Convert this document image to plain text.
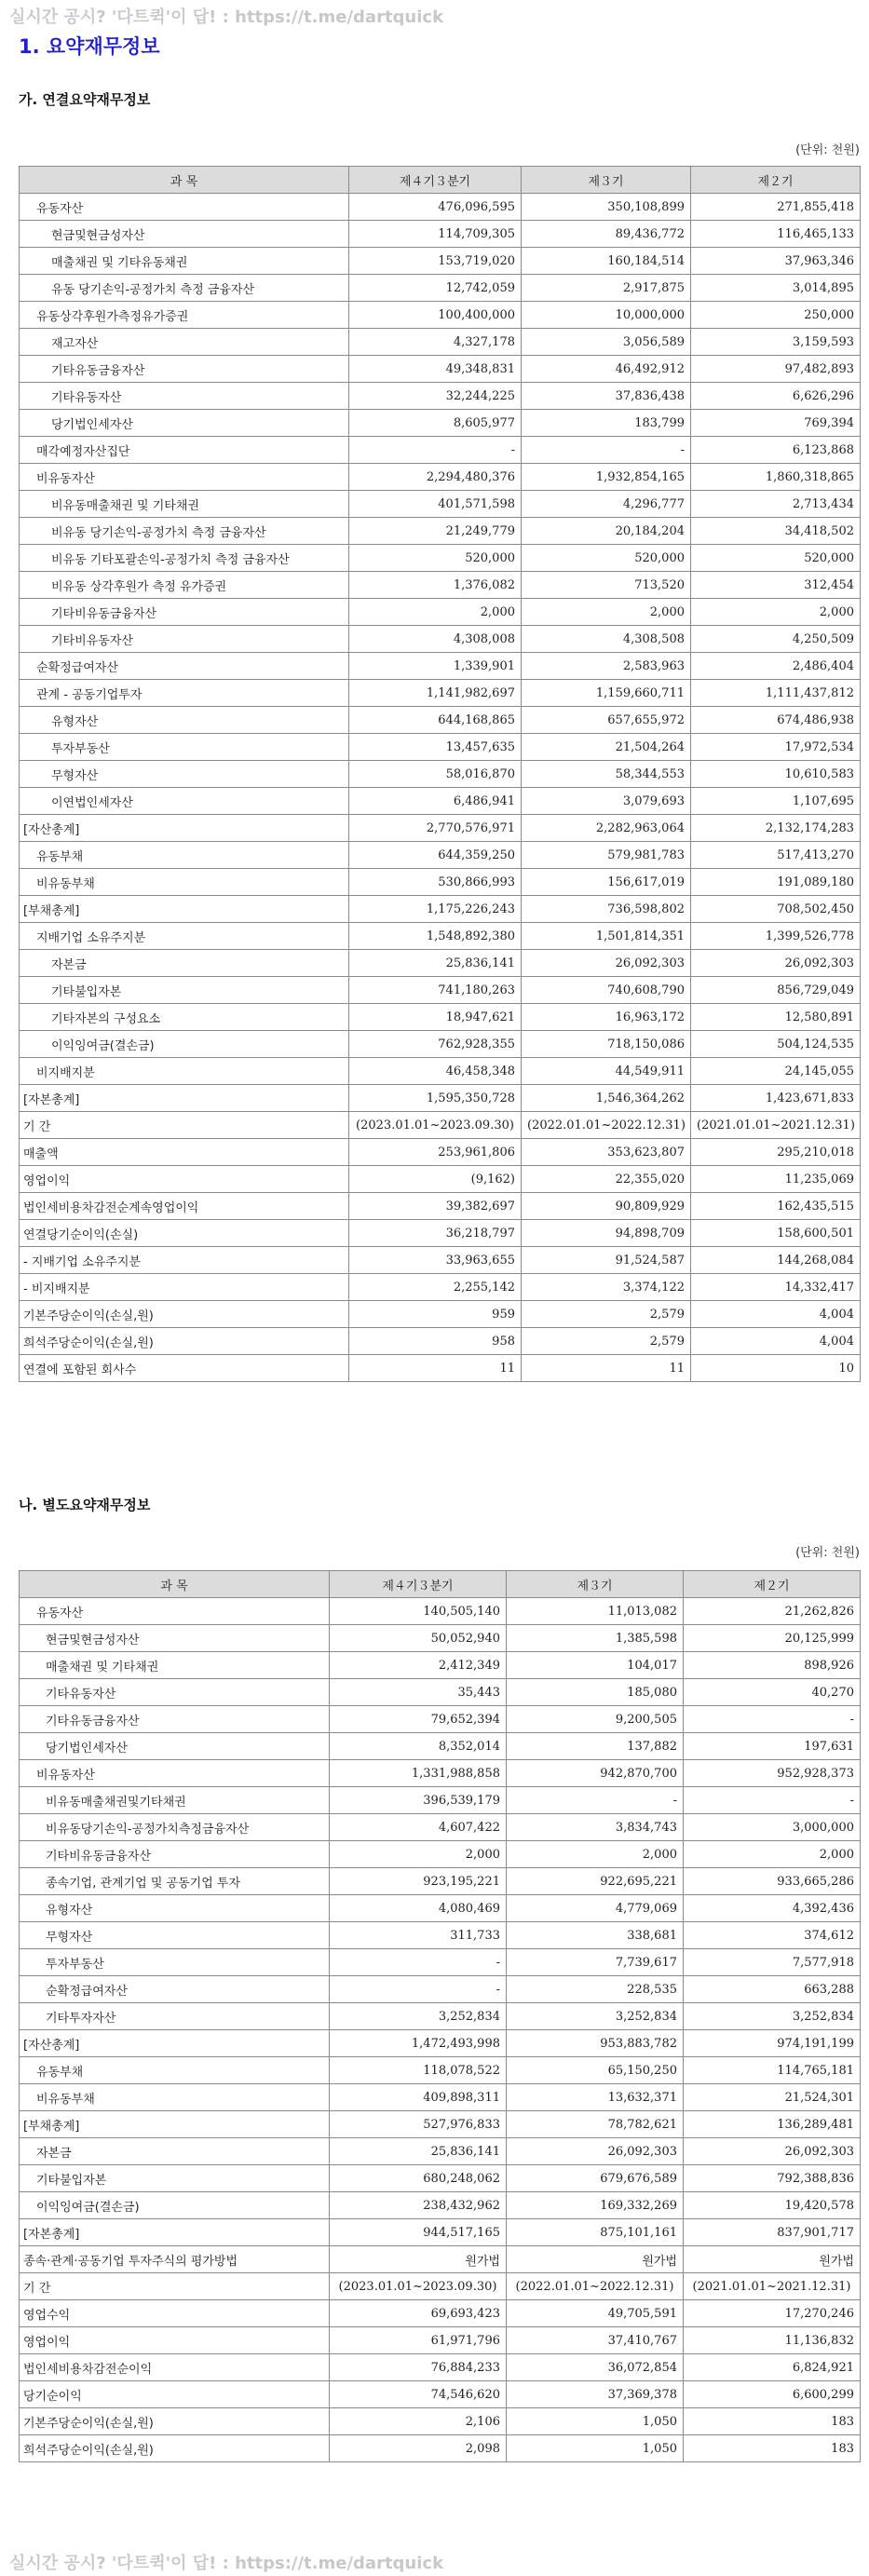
실시간 공시? '다트퀵'이 답! : https://t.me/dartquick
1. 요약재무정보
가. 연결요약재무정보
(단위: 천원)
과 목	제４기３분기	제３기	제２기
유동자산	476,096,595	350,108,899	271,855,418
현금및현금성자산	114,709,305	89,436,772	116,465,133
매출채권 및 기타유동채권	153,719,020	160,184,514	37,963,346
유동 당기손익-공정가치 측정 금융자산	12,742,059	2,917,875	3,014,895
유동상각후원가측정유가증권	100,400,000	10,000,000	250,000
재고자산	4,327,178	3,056,589	3,159,593
기타유동금융자산	49,348,831	46,492,912	97,482,893
기타유동자산	32,244,225	37,836,438	6,626,296
당기법인세자산	8,605,977	183,799	769,394
매각예정자산집단	-	-	6,123,868
비유동자산	2,294,480,376	1,932,854,165	1,860,318,865
비유동매출채권 및 기타채권	401,571,598	4,296,777	2,713,434
비유동 당기손익-공정가치 측정 금융자산	21,249,779	20,184,204	34,418,502
비유동 기타포괄손익-공정가치 측정 금융자산	520,000	520,000	520,000
비유동 상각후원가 측정 유가증권	1,376,082	713,520	312,454
기타비유동금융자산	2,000	2,000	2,000
기타비유동자산	4,308,008	4,308,508	4,250,509
순확정급여자산	1,339,901	2,583,963	2,486,404
관계 - 공동기업투자	1,141,982,697	1,159,660,711	1,111,437,812
유형자산	644,168,865	657,655,972	674,486,938
투자부동산	13,457,635	21,504,264	17,972,534
무형자산	58,016,870	58,344,553	10,610,583
이연법인세자산	6,486,941	3,079,693	1,107,695
[자산총계]	2,770,576,971	2,282,963,064	2,132,174,283
유동부채	644,359,250	579,981,783	517,413,270
비유동부채	530,866,993	156,617,019	191,089,180
[부채총계]	1,175,226,243	736,598,802	708,502,450
지배기업 소유주지분	1,548,892,380	1,501,814,351	1,399,526,778
자본금	25,836,141	26,092,303	26,092,303
기타불입자본	741,180,263	740,608,790	856,729,049
기타자본의 구성요소	18,947,621	16,963,172	12,580,891
이익잉여금(결손금)	762,928,355	718,150,086	504,124,535
비지배지분	46,458,348	44,549,911	24,145,055
[자본총계]	1,595,350,728	1,546,364,262	1,423,671,833
기 간	(2023.01.01~2023.09.30)	(2022.01.01~2022.12.31)	(2021.01.01~2021.12.31)
매출액	253,961,806	353,623,807	295,210,018
영업이익	(9,162)	22,355,020	11,235,069
법인세비용차감전순계속영업이익	39,382,697	90,809,929	162,435,515
연결당기순이익(손실)	36,218,797	94,898,709	158,600,501
- 지배기업 소유주지분	33,963,655	91,524,587	144,268,084
- 비지배지분	2,255,142	3,374,122	14,332,417
기본주당순이익(손실,원)	959	2,579	4,004
희석주당순이익(손실,원)	958	2,579	4,004
연결에 포함된 회사수	11	11	10
나. 별도요약재무정보
(단위: 천원)
과 목	제４기３분기	제３기	제２기
유동자산	140,505,140	11,013,082	21,262,826
현금및현금성자산	50,052,940	1,385,598	20,125,999
매출채권 및 기타채권	2,412,349	104,017	898,926
기타유동자산	35,443	185,080	40,270
기타유동금융자산	79,652,394	9,200,505	-
당기법인세자산	8,352,014	137,882	197,631
비유동자산	1,331,988,858	942,870,700	952,928,373
비유동매출채권및기타채권	396,539,179	-	-
비유동당기손익-공정가치측정금융자산	4,607,422	3,834,743	3,000,000
기타비유동금융자산	2,000	2,000	2,000
종속기업, 관계기업 및 공동기업 투자	923,195,221	922,695,221	933,665,286
유형자산	4,080,469	4,779,069	4,392,436
무형자산	311,733	338,681	374,612
투자부동산	-	7,739,617	7,577,918
순확정급여자산	-	228,535	663,288
기타투자자산	3,252,834	3,252,834	3,252,834
[자산총계]	1,472,493,998	953,883,782	974,191,199
유동부채	118,078,522	65,150,250	114,765,181
비유동부채	409,898,311	13,632,371	21,524,301
[부채총계]	527,976,833	78,782,621	136,289,481
자본금	25,836,141	26,092,303	26,092,303
기타불입자본	680,248,062	679,676,589	792,388,836
이익잉여금(결손금)	238,432,962	169,332,269	19,420,578
[자본총계]	944,517,165	875,101,161	837,901,717
종속·관계·공동기업 투자주식의 평가방법	원가법	원가법	원가법
기 간	(2023.01.01~2023.09.30)	(2022.01.01~2022.12.31)	(2021.01.01~2021.12.31)
영업수익	69,693,423	49,705,591	17,270,246
영업이익	61,971,796	37,410,767	11,136,832
법인세비용차감전순이익	76,884,233	36,072,854	6,824,921
당기순이익	74,546,620	37,369,378	6,600,299
기본주당순이익(손실,원)	2,106	1,050	183
희석주당순이익(손실,원)	2,098	1,050	183
실시간 공시? '다트퀵'이 답! : https://t.me/dartquick
